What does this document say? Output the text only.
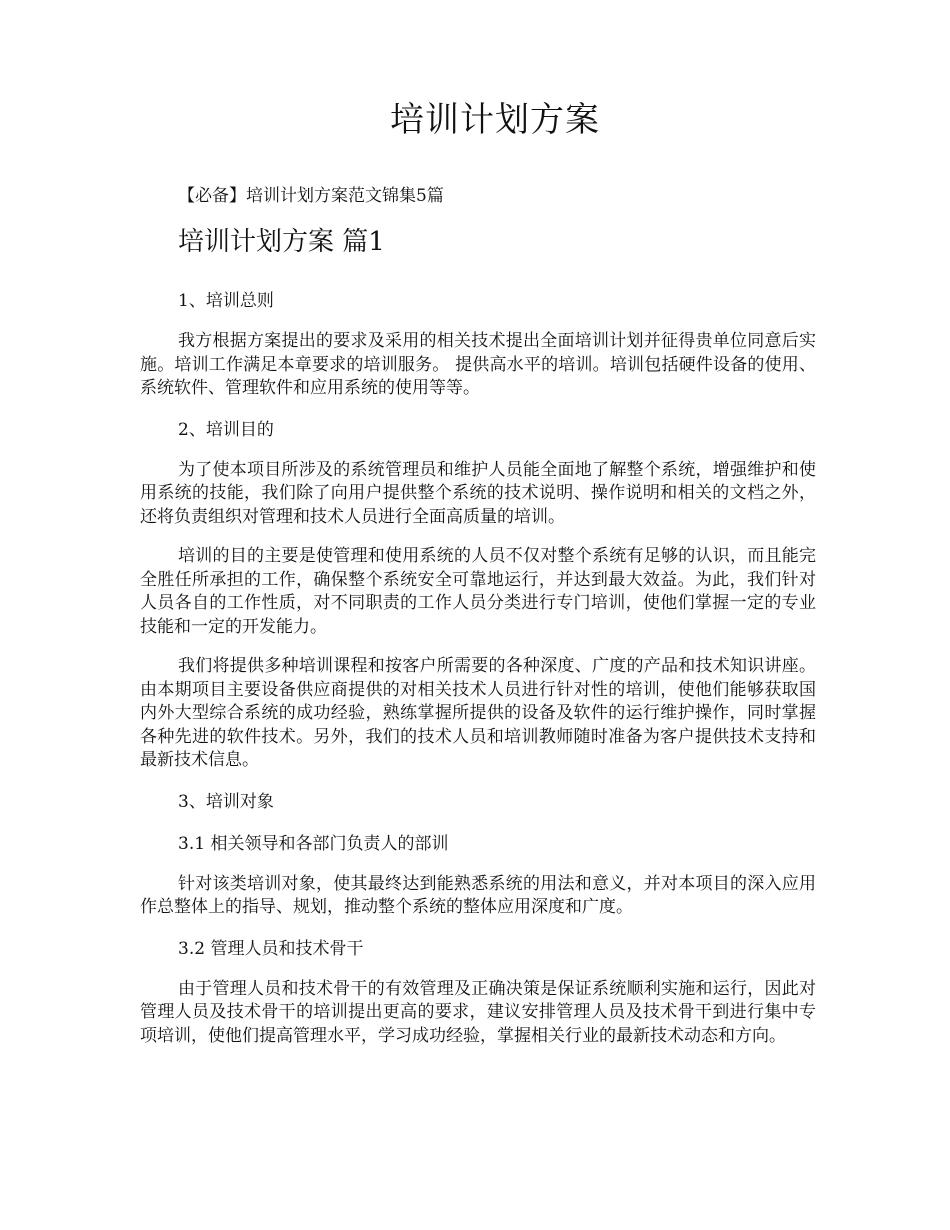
培训计划方案

【必备】培训计划方案范文锦集5篇

培训计划方案 篇1

1、培训总则

我方根据方案提出的要求及采用的相关技术提出全面培训计划并征得贵单位同意后实施。培训工作满足本章要求的培训服务。 提供高水平的培训。培训包括硬件设备的使用、系统软件、管理软件和应用系统的使用等等。

2、培训目的

为了使本项目所涉及的系统管理员和维护人员能全面地了解整个系统，增强维护和使用系统的技能，我们除了向用户提供整个系统的技术说明、操作说明和相关的文档之外，还将负责组织对管理和技术人员进行全面高质量的培训。

培训的目的主要是使管理和使用系统的人员不仅对整个系统有足够的认识，而且能完全胜任所承担的工作，确保整个系统安全可靠地运行，并达到最大效益。为此，我们针对人员各自的工作性质，对不同职责的工作人员分类进行专门培训，使他们掌握一定的专业技能和一定的开发能力。

我们将提供多种培训课程和按客户所需要的各种深度、广度的产品和技术知识讲座。由本期项目主要设备供应商提供的对相关技术人员进行针对性的培训，使他们能够获取国内外大型综合系统的成功经验，熟练掌握所提供的设备及软件的运行维护操作，同时掌握各种先进的软件技术。另外，我们的技术人员和培训教师随时准备为客户提供技术支持和最新技术信息。

3、培训对象

3.1 相关领导和各部门负责人的部训

针对该类培训对象，使其最终达到能熟悉系统的用法和意义，并对本项目的深入应用作总整体上的指导、规划，推动整个系统的整体应用深度和广度。

3.2 管理人员和技术骨干

由于管理人员和技术骨干的有效管理及正确决策是保证系统顺利实施和运行，因此对管理人员及技术骨干的培训提出更高的要求，建议安排管理人员及技术骨干到进行集中专项培训，使他们提高管理水平，学习成功经验，掌握相关行业的最新技术动态和方向。
